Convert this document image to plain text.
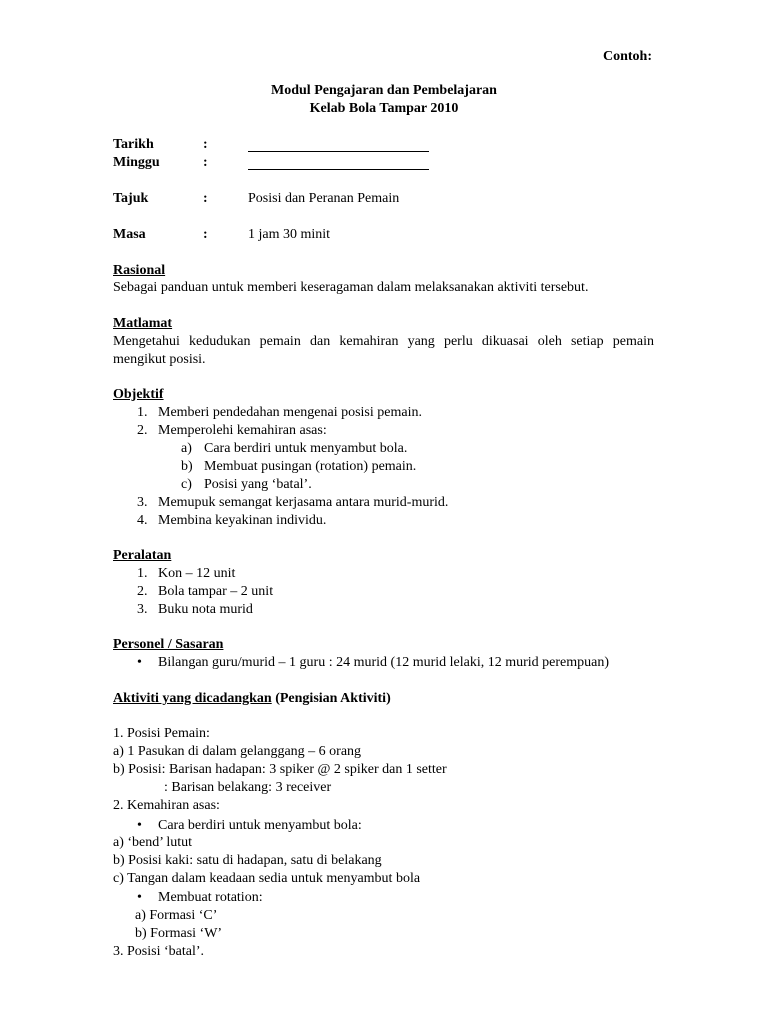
Contoh:
Modul Pengajaran dan Pembelajaran
Kelab Bola Tampar 2010
Tarikh	:
Minggu	:
Tajuk	:	Posisi dan Peranan Pemain
Masa	:	1 jam 30 minit
Rasional
Sebagai panduan untuk memberi keseragaman dalam melaksanakan aktiviti tersebut.
Matlamat
Mengetahui kedudukan pemain dan kemahiran yang perlu dikuasai oleh setiap pemain
mengikut posisi.
Objektif
1. Memberi pendedahan mengenai posisi pemain.
2. Memperolehi kemahiran asas:
a) Cara berdiri untuk menyambut bola.
b) Membuat pusingan (rotation) pemain.
c) Posisi yang ‘batal’.
3. Memupuk semangat kerjasama antara murid-murid.
4. Membina keyakinan individu.
Peralatan
1. Kon – 12 unit
2. Bola tampar – 2 unit
3. Buku nota murid
Personel / Sasaran
• Bilangan guru/murid – 1 guru : 24 murid (12 murid lelaki, 12 murid perempuan)
Aktiviti yang dicadangkan (Pengisian Aktiviti)
1. Posisi Pemain:
a) 1 Pasukan di dalam gelanggang – 6 orang
b) Posisi: Barisan hadapan: 3 spiker @ 2 spiker dan 1 setter
: Barisan belakang: 3 receiver
2. Kemahiran asas:
• Cara berdiri untuk menyambut bola:
a) ‘bend’ lutut
b) Posisi kaki: satu di hadapan, satu di belakang
c) Tangan dalam keadaan sedia untuk menyambut bola
• Membuat rotation:
a) Formasi ‘C’
b) Formasi ‘W’
3. Posisi ‘batal’.
